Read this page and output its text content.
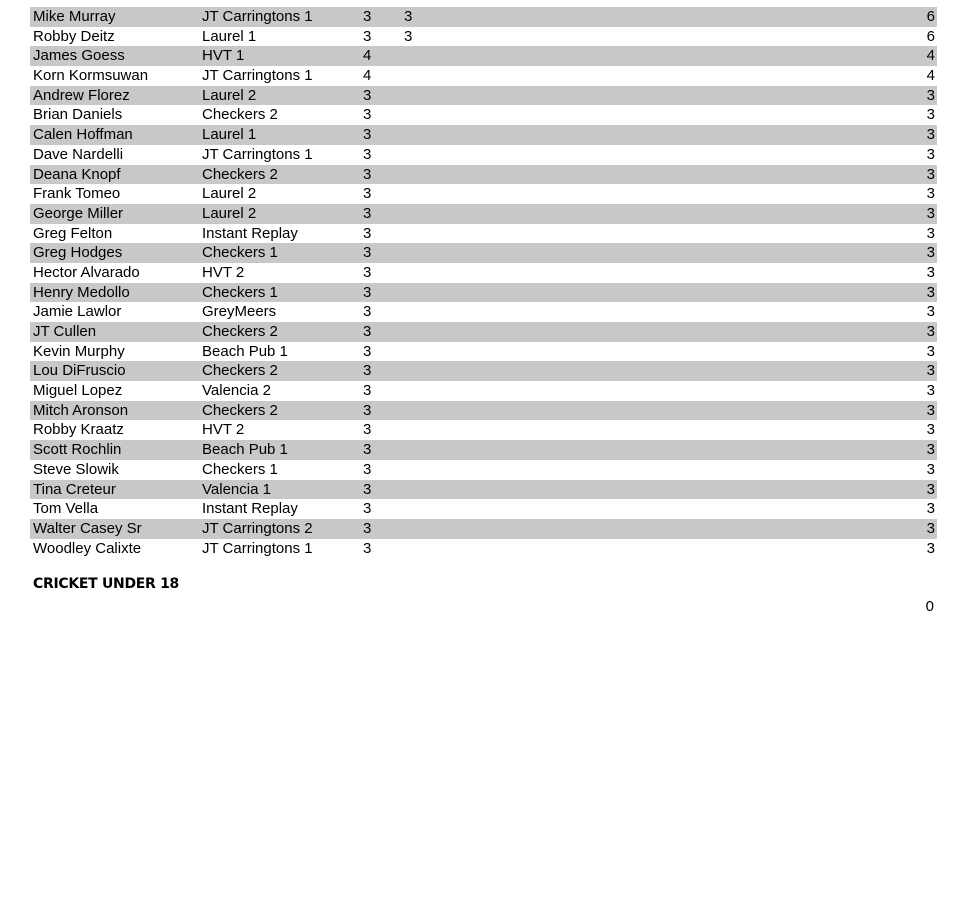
Mike Murray	JT Carringtons 1	3 3	6
Robby Deitz	Laurel 1	3 3	6
James Goess	HVT 1	4	4
Korn Kormsuwan	JT Carringtons 1	4	4
Andrew Florez	Laurel 2	3	3
Brian Daniels	Checkers 2	3	3
Calen Hoffman	Laurel 1	3	3
Dave Nardelli	JT Carringtons 1	3	3
Deana Knopf	Checkers 2	3	3
Frank Tomeo	Laurel 2	3	3
George Miller	Laurel 2	3	3
Greg Felton	Instant Replay	3	3
Greg Hodges	Checkers 1	3	3
Hector Alvarado	HVT 2	3	3
Henry Medollo	Checkers 1	3	3
Jamie Lawlor	GreyMeers	3	3
JT Cullen	Checkers 2	3	3
Kevin Murphy	Beach Pub 1	3	3
Lou DiFruscio	Checkers 2	3	3
Miguel Lopez	Valencia 2	3	3
Mitch Aronson	Checkers 2	3	3
Robby Kraatz	HVT 2	3	3
Scott Rochlin	Beach Pub 1	3	3
Steve Slowik	Checkers 1	3	3
Tina Creteur	Valencia 1	3	3
Tom Vella	Instant Replay	3	3
Walter Casey Sr	JT Carringtons 2	3	3
Woodley Calixte	JT Carringtons 1	3	3
CRICKET UNDER 18
0
